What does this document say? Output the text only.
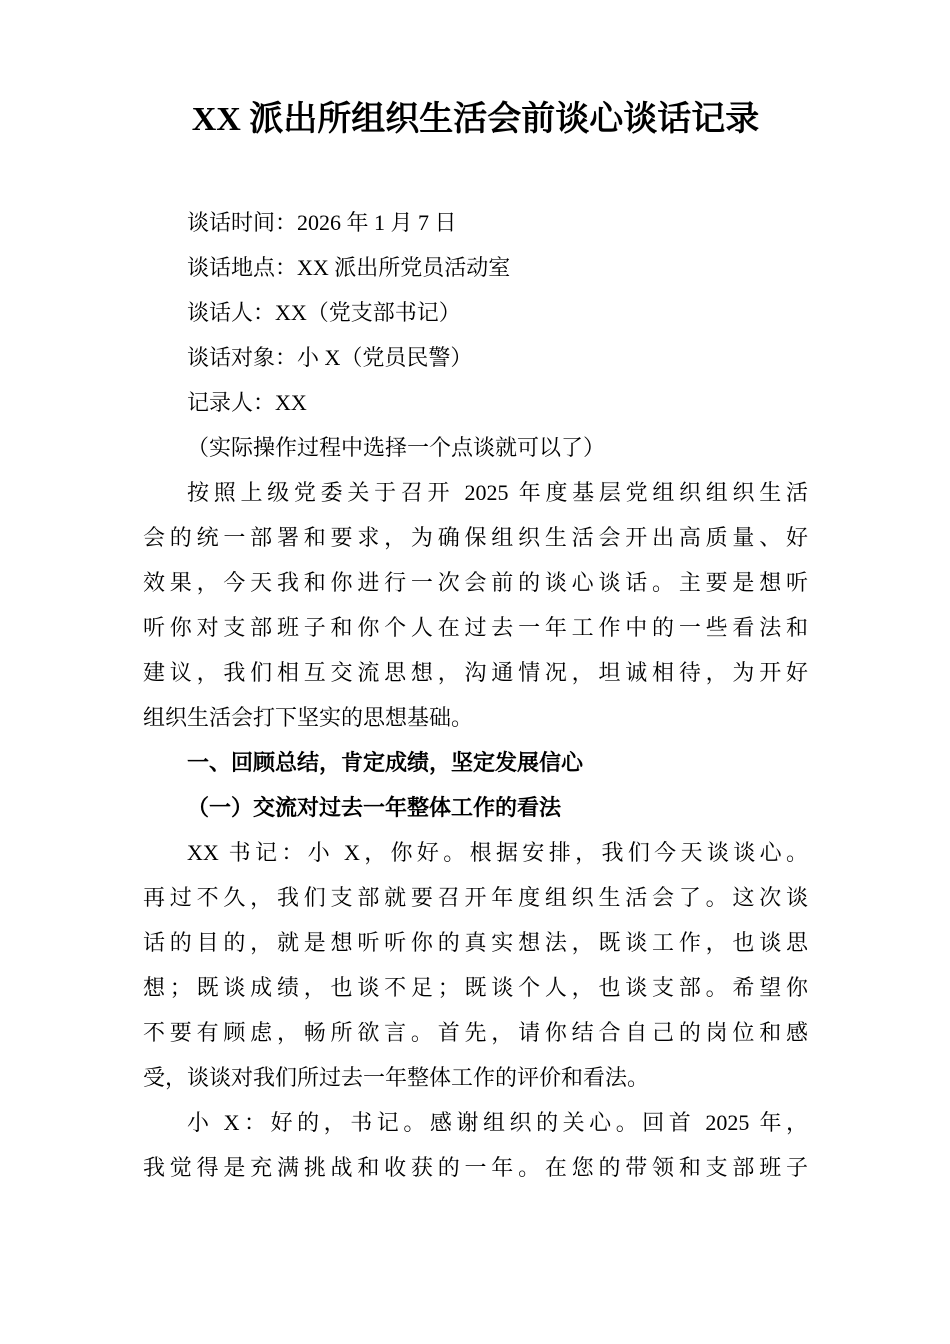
XX 派出所组织生活会前谈心谈话记录
谈话时间：2026 年 1 月 7 日
谈话地点：XX 派出所党员活动室
谈话人：XX（党支部书记）
谈话对象：小 X（党员民警）
记录人：XX
（实际操作过程中选择一个点谈就可以了）
按照上级党委关于召开 2025 年度基层党组织组织生活
会的统一部署和要求，为确保组织生活会开出高质量、好
效果，今天我和你进行一次会前的谈心谈话。主要是想听
听你对支部班子和你个人在过去一年工作中的一些看法和
建议，我们相互交流思想，沟通情况，坦诚相待，为开好
组织生活会打下坚实的思想基础。
一、回顾总结，肯定成绩，坚定发展信心
（一）交流对过去一年整体工作的看法
XX 书记：小 X，你好。根据安排，我们今天谈谈心。
再过不久，我们支部就要召开年度组织生活会了。这次谈
话的目的，就是想听听你的真实想法，既谈工作，也谈思
想；既谈成绩，也谈不足；既谈个人，也谈支部。希望你
不要有顾虑，畅所欲言。首先，请你结合自己的岗位和感
受，谈谈对我们所过去一年整体工作的评价和看法。
小 X：好的，书记。感谢组织的关心。回首 2025 年，
我觉得是充满挑战和收获的一年。在您的带领和支部班子
